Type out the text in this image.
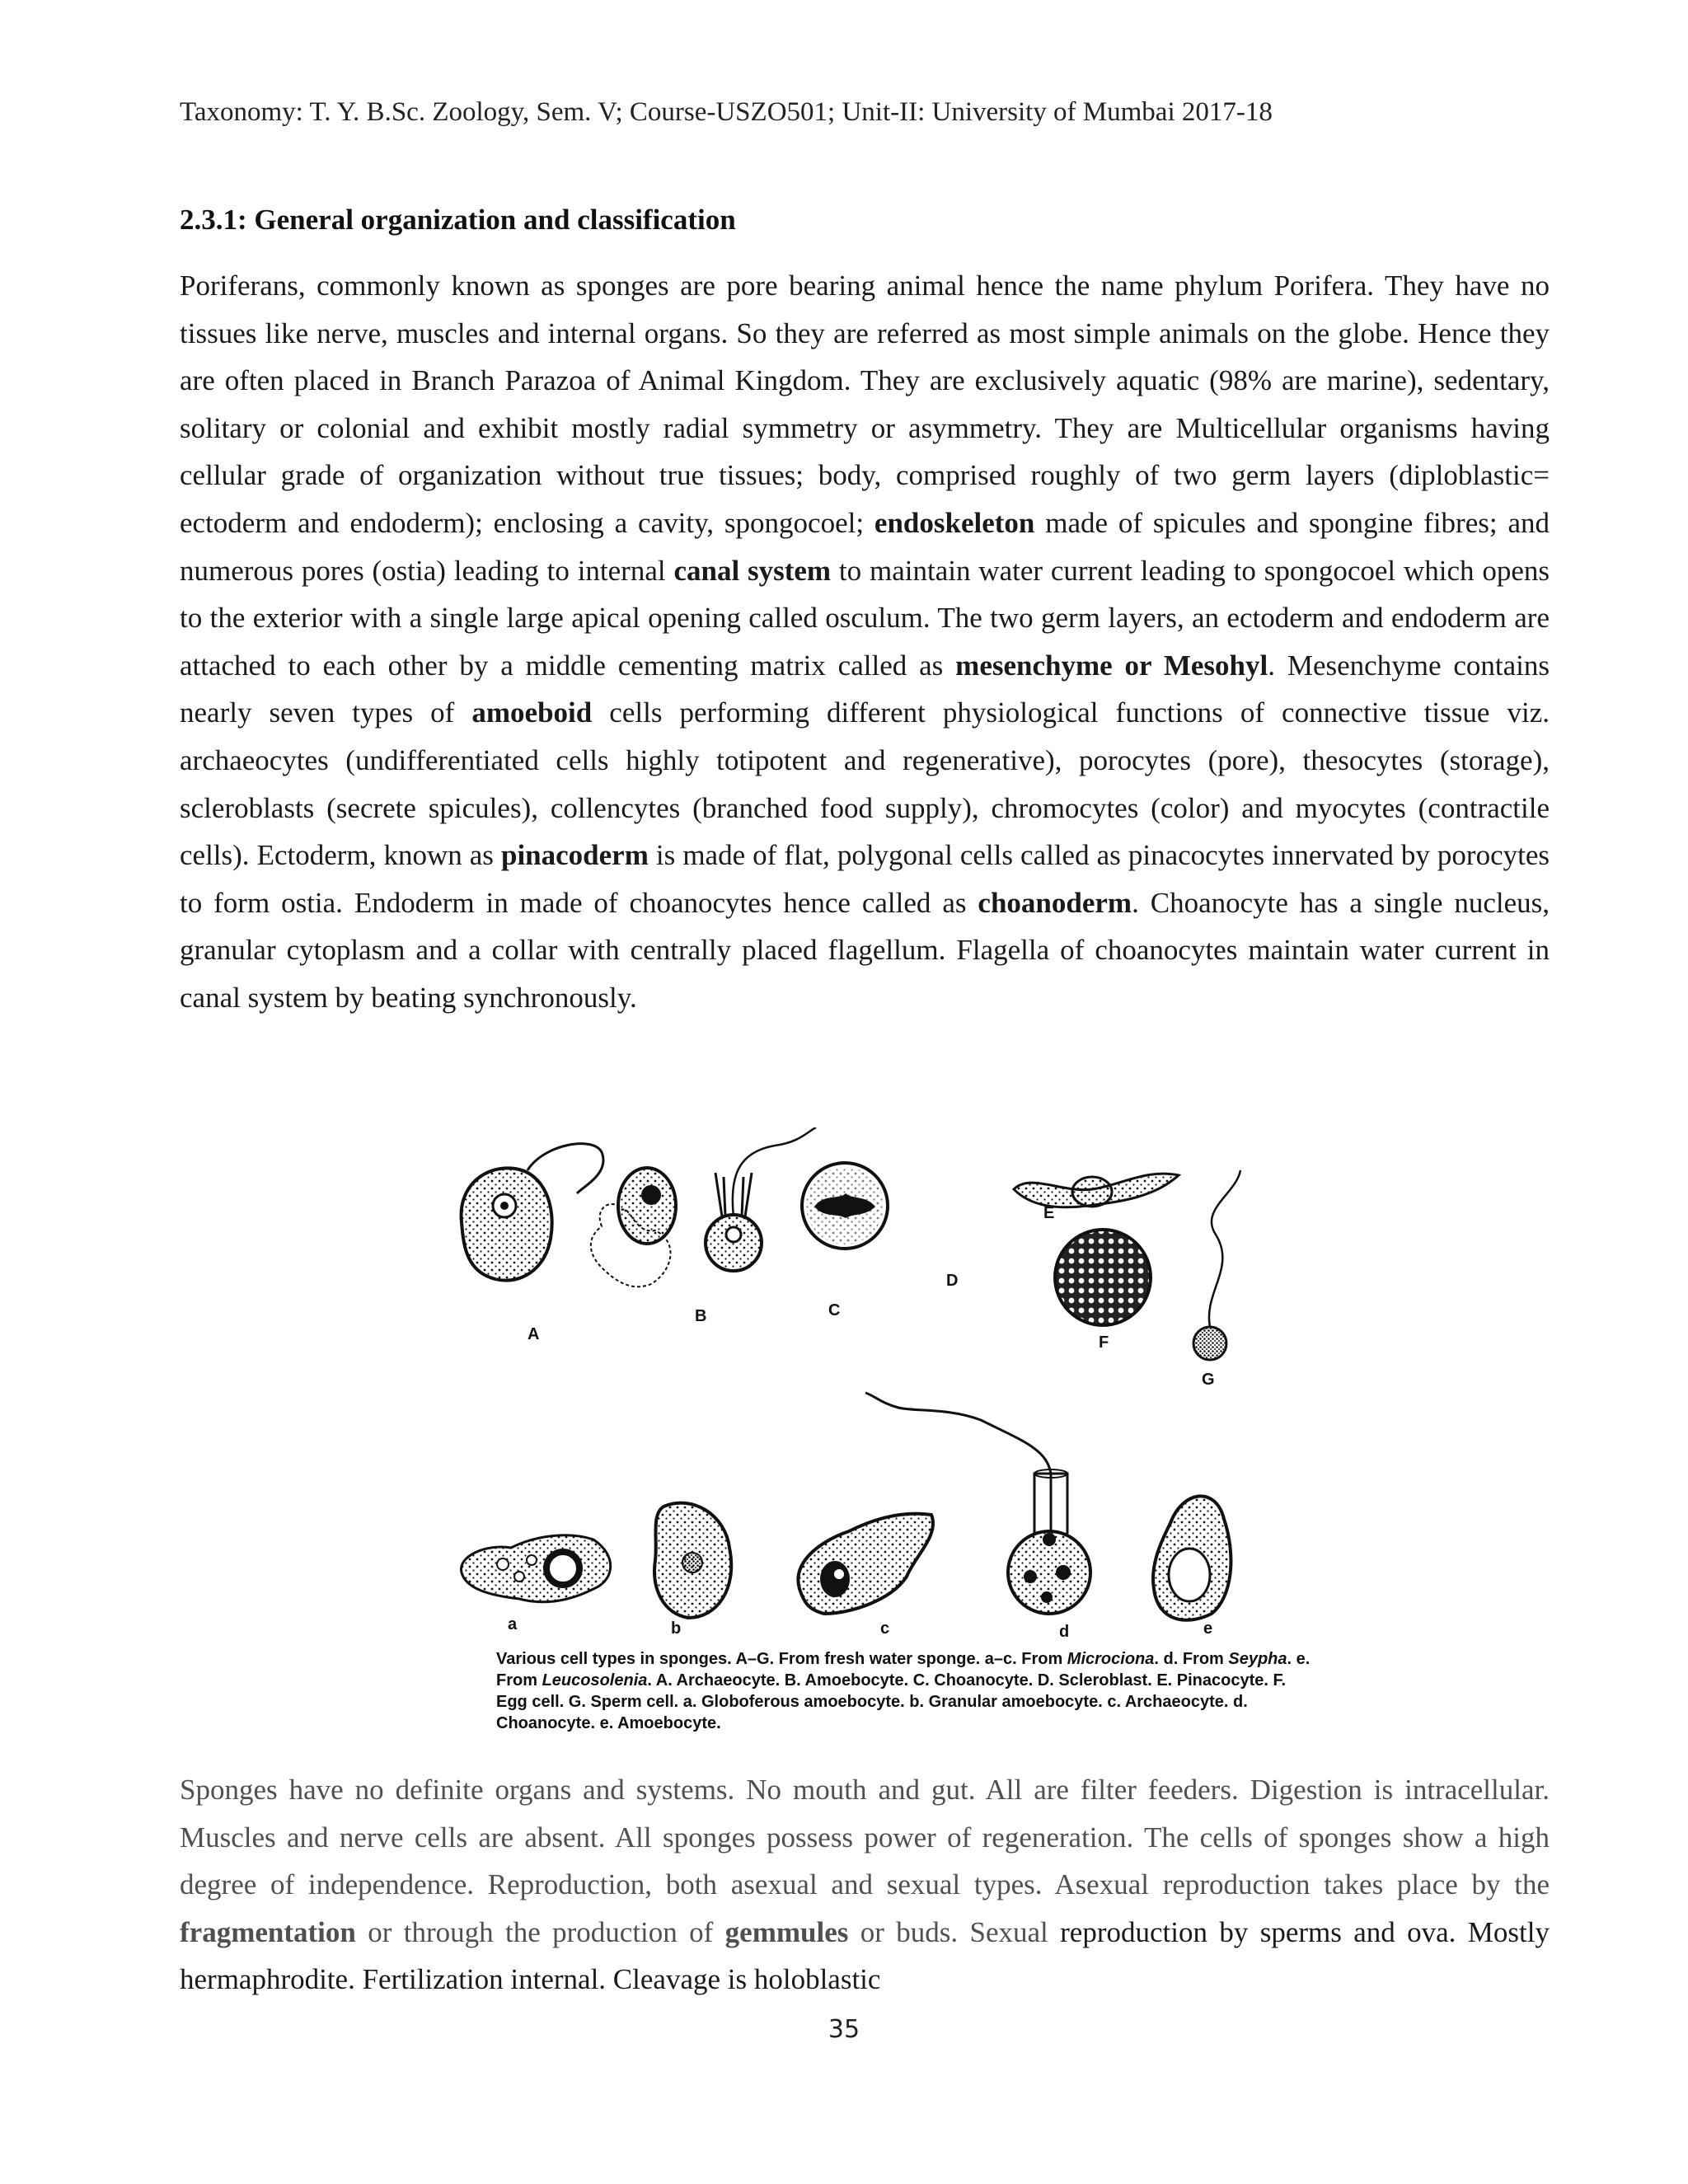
Taxonomy: T. Y. B.Sc. Zoology, Sem. V; Course-USZO501; Unit-II: University of Mumbai 2017-18
2.3.1: General organization and classification
Poriferans, commonly known as sponges are pore bearing animal hence the name phylum Porifera. They have no tissues like nerve, muscles and internal organs. So they are referred as most simple animals on the globe. Hence they are often placed in Branch Parazoa of Animal Kingdom. They are exclusively aquatic (98% are marine), sedentary, solitary or colonial and exhibit mostly radial symmetry or asymmetry. They are Multicellular organisms having cellular grade of organization without true tissues; body, comprised roughly of two germ layers (diploblastic= ectoderm and endoderm); enclosing a cavity, spongocoel; endoskeleton made of spicules and spongine fibres; and numerous pores (ostia) leading to internal canal system to maintain water current leading to spongocoel which opens to the exterior with a single large apical opening called osculum. The two germ layers, an ectoderm and endoderm are attached to each other by a middle cementing matrix called as mesenchyme or Mesohyl. Mesenchyme contains nearly seven types of amoeboid cells performing different physiological functions of connective tissue viz. archaeocytes (undifferentiated cells highly totipotent and regenerative), porocytes (pore), thesocytes (storage), scleroblasts (secrete spicules), collencytes (branched food supply), chromocytes (color) and myocytes (contractile cells). Ectoderm, known as pinacoderm is made of flat, polygonal cells called as pinacocytes innervated by porocytes to form ostia. Endoderm in made of choanocytes hence called as choanoderm. Choanocyte has a single nucleus, granular cytoplasm and a collar with centrally placed flagellum. Flagella of choanocytes maintain water current in canal system by beating synchronously.
A
B	C
D
E
F
G
a	b	c	d	e
Various cell types in sponges. A–G. From fresh water sponge. a–c. From Microciona. d. From Seypha. e. From Leucosolenia. A. Archaeocyte. B. Amoebocyte. C. Choanocyte. D. Scleroblast. E. Pinacocyte. F. Egg cell. G. Sperm cell. a. Globoferous amoebocyte. b. Granular amoebocyte. c. Archaeocyte. d. Choanocyte. e. Amoebocyte.
Sponges have no definite organs and systems. No mouth and gut. All are filter feeders. Digestion is intracellular. Muscles and nerve cells are absent. All sponges possess power of regeneration. The cells of sponges show a high degree of independence. Reproduction, both asexual and sexual types. Asexual reproduction takes place by the fragmentation or through the production of gemmules or buds. Sexual reproduction by sperms and ova. Mostly hermaphrodite. Fertilization internal. Cleavage is holoblastic
35
